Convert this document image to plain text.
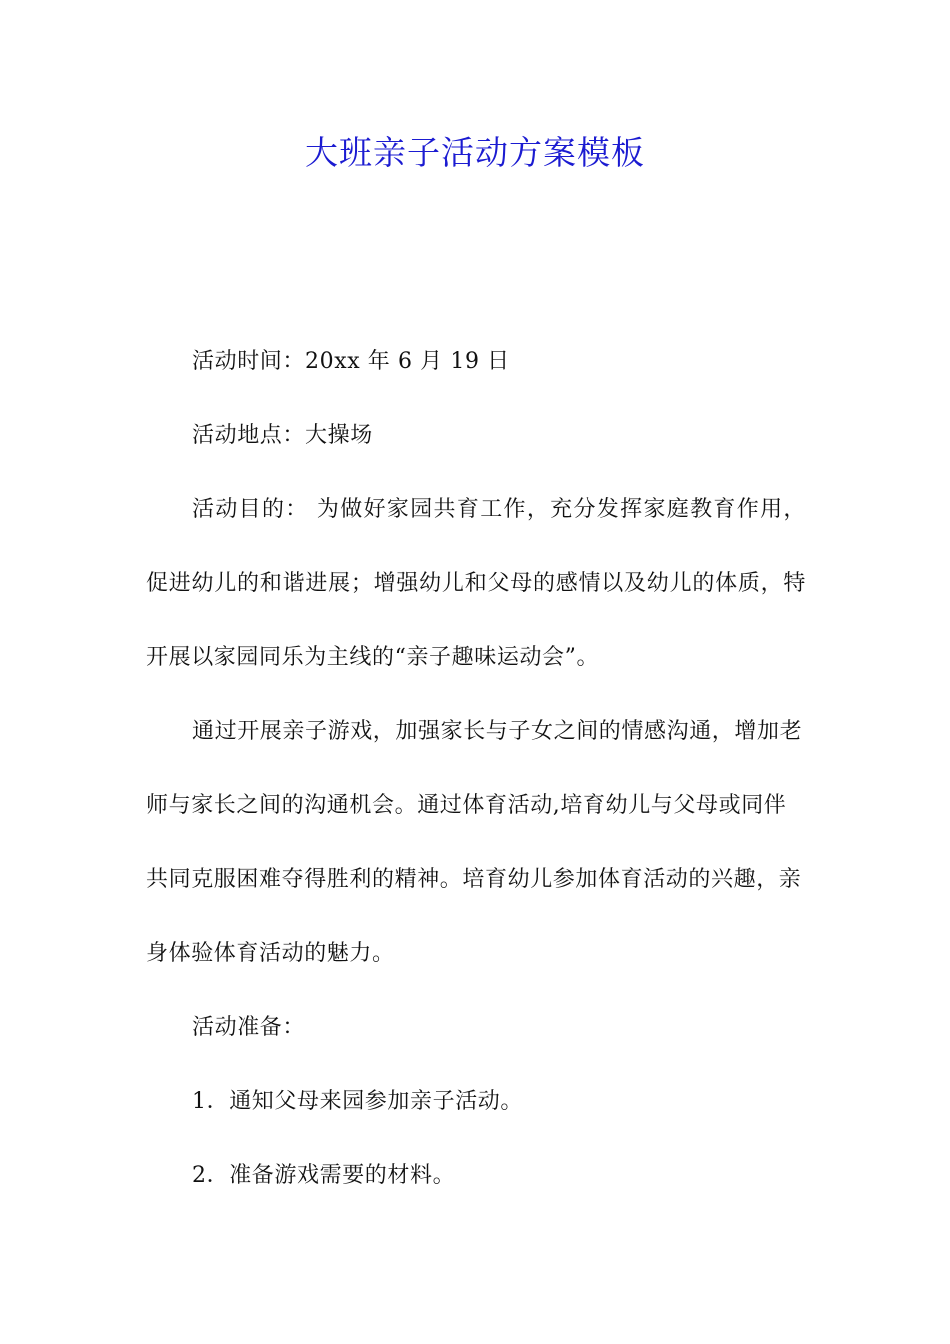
大班亲子活动方案模板

活动时间：20xx 年 6 月 19 日

活动地点：大操场

活动目的： 为做好家园共育工作，充分发挥家庭教育作用，促进幼儿的和谐进展；增强幼儿和父母的感情以及幼儿的体质，特开展以家园同乐为主线的“亲子趣味运动会”。

通过开展亲子游戏，加强家长与子女之间的情感沟通，增加老师与家长之间的沟通机会。通过体育活动,培育幼儿与父母或同伴共同克服困难夺得胜利的精神。培育幼儿参加体育活动的兴趣，亲身体验体育活动的魅力。

活动准备：

1．通知父母来园参加亲子活动。

2．准备游戏需要的材料。
